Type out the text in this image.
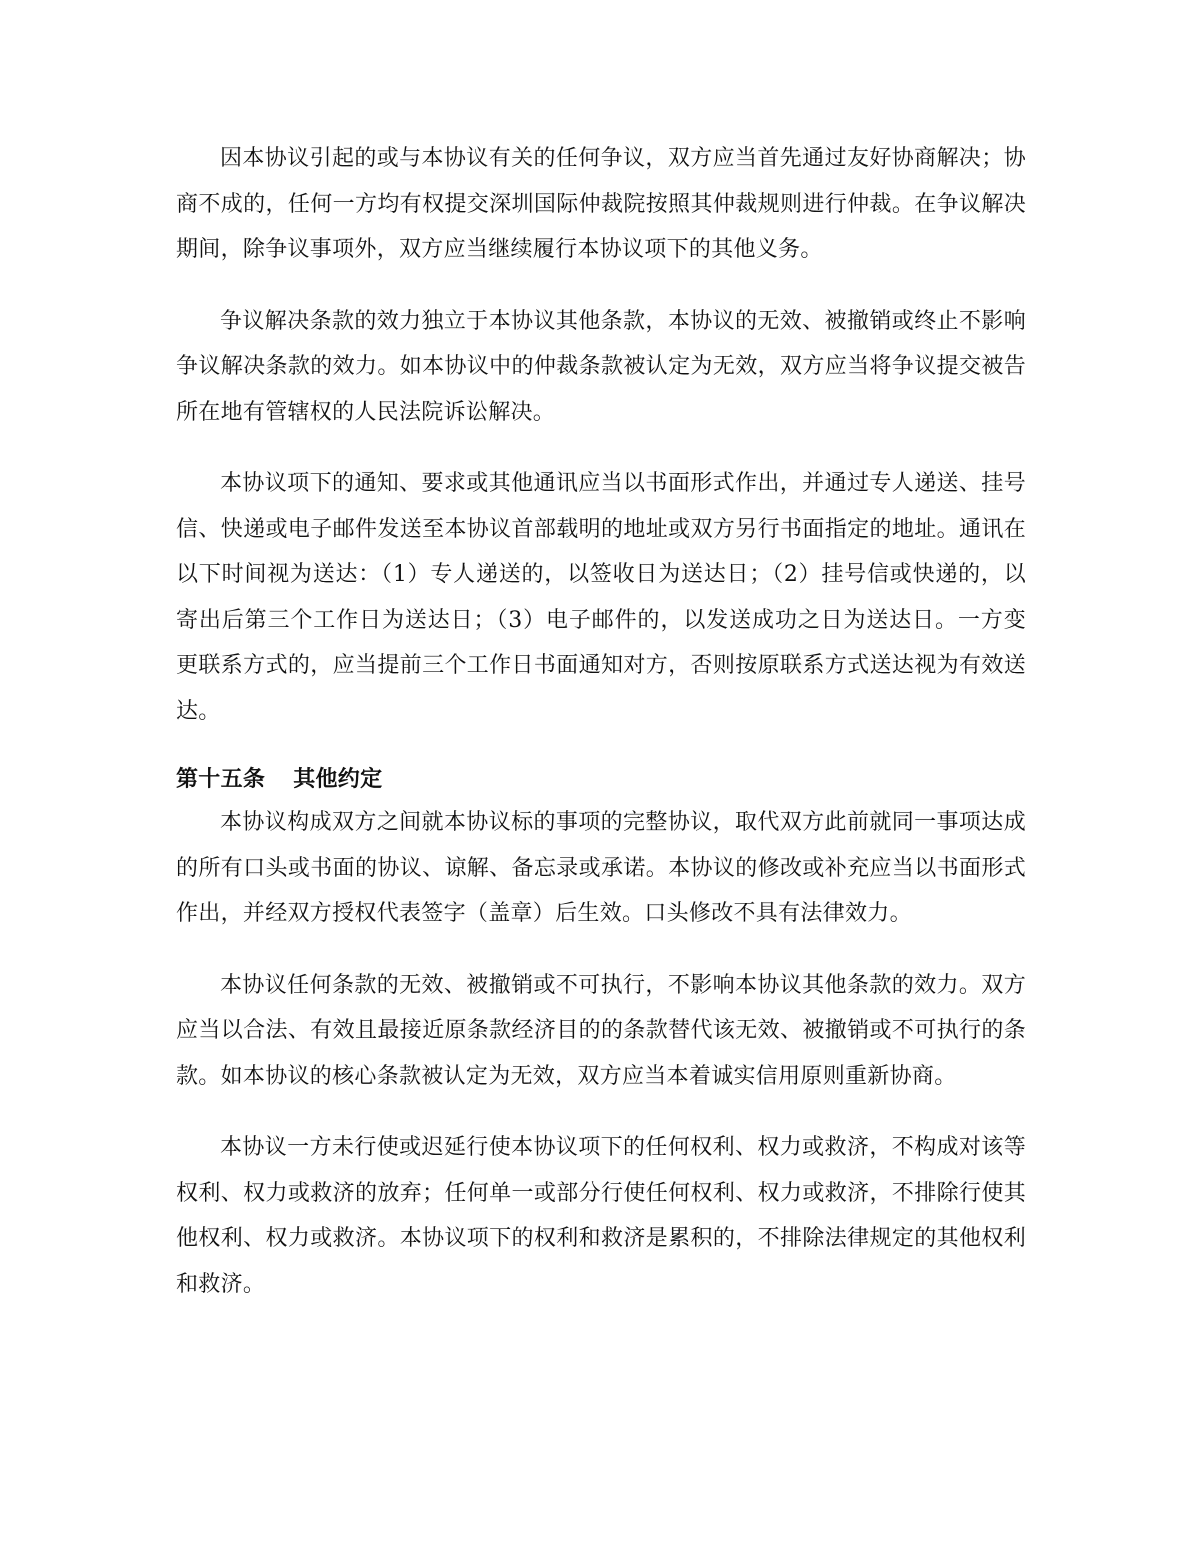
因本协议引起的或与本协议有关的任何争议，双方应当首先通过友好协商解决；协商不成的，任何一方均有权提交深圳国际仲裁院按照其仲裁规则进行仲裁。在争议解决期间，除争议事项外，双方应当继续履行本协议项下的其他义务。

争议解决条款的效力独立于本协议其他条款，本协议的无效、被撤销或终止不影响争议解决条款的效力。如本协议中的仲裁条款被认定为无效，双方应当将争议提交被告所在地有管辖权的人民法院诉讼解决。

本协议项下的通知、要求或其他通讯应当以书面形式作出，并通过专人递送、挂号信、快递或电子邮件发送至本协议首部载明的地址或双方另行书面指定的地址。通讯在以下时间视为送达：（1）专人递送的，以签收日为送达日；（2）挂号信或快递的，以寄出后第三个工作日为送达日；（3）电子邮件的，以发送成功之日为送达日。一方变更联系方式的，应当提前三个工作日书面通知对方，否则按原联系方式送达视为有效送达。

第十五条 其他约定

本协议构成双方之间就本协议标的事项的完整协议，取代双方此前就同一事项达成的所有口头或书面的协议、谅解、备忘录或承诺。本协议的修改或补充应当以书面形式作出，并经双方授权代表签字（盖章）后生效。口头修改不具有法律效力。

本协议任何条款的无效、被撤销或不可执行，不影响本协议其他条款的效力。双方应当以合法、有效且最接近原条款经济目的的条款替代该无效、被撤销或不可执行的条款。如本协议的核心条款被认定为无效，双方应当本着诚实信用原则重新协商。

本协议一方未行使或迟延行使本协议项下的任何权利、权力或救济，不构成对该等权利、权力或救济的放弃；任何单一或部分行使任何权利、权力或救济，不排除行使其他权利、权力或救济。本协议项下的权利和救济是累积的，不排除法律规定的其他权利和救济。
